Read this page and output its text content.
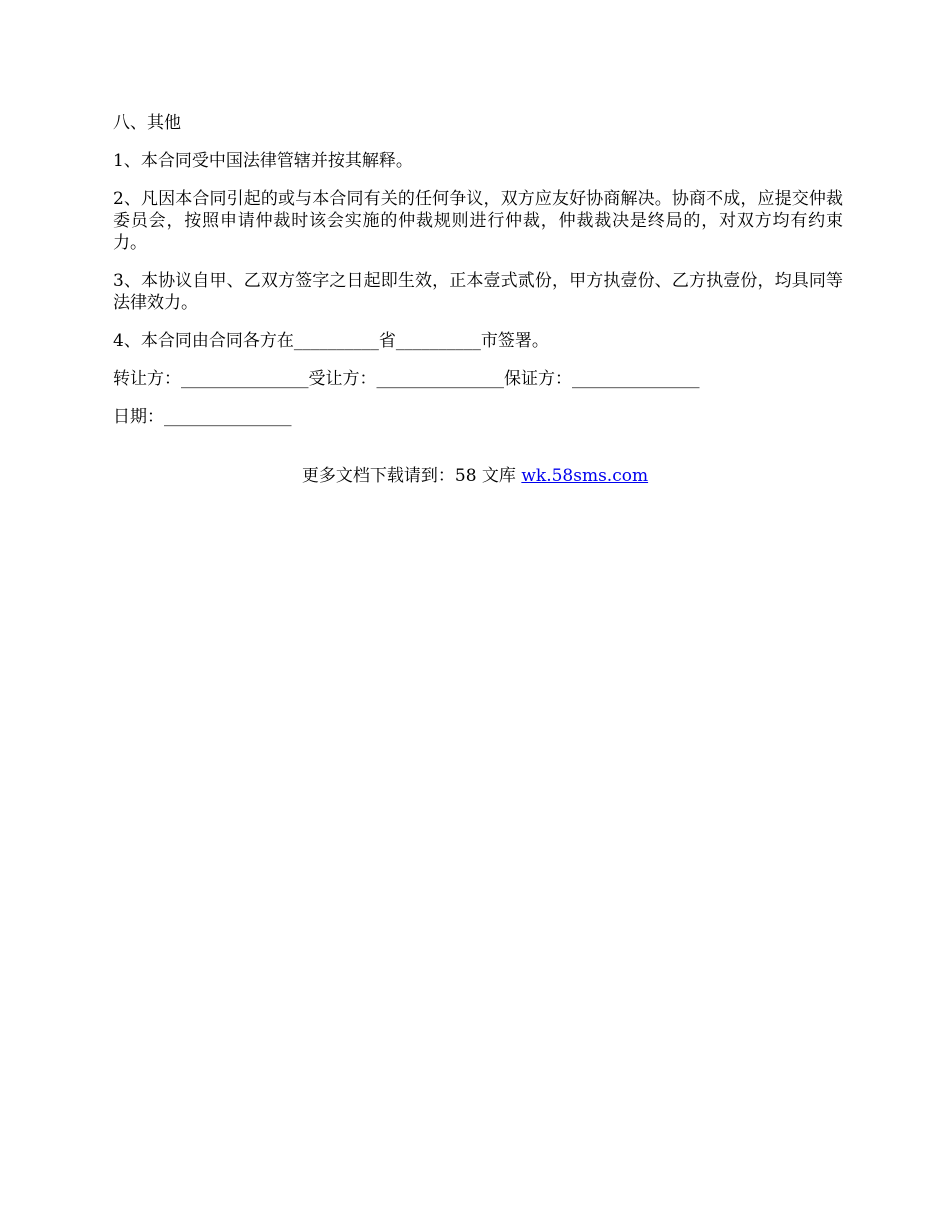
八、其他
1、本合同受中国法律管辖并按其解释。
2、凡因本合同引起的或与本合同有关的任何争议，双方应友好协商解决。协商不成，应提交仲裁委员会，按照申请仲裁时该会实施的仲裁规则进行仲裁，仲裁裁决是终局的，对双方均有约束力。
3、本协议自甲、乙双方签字之日起即生效，正本壹式贰份，甲方执壹份、乙方执壹份，均具同等法律效力。
4、本合同由合同各方在__________省__________市签署。
转让方：_______________受让方：_______________保证方：_______________
日期：_______________
更多文档下载请到：58 文库 wk.58sms.com
